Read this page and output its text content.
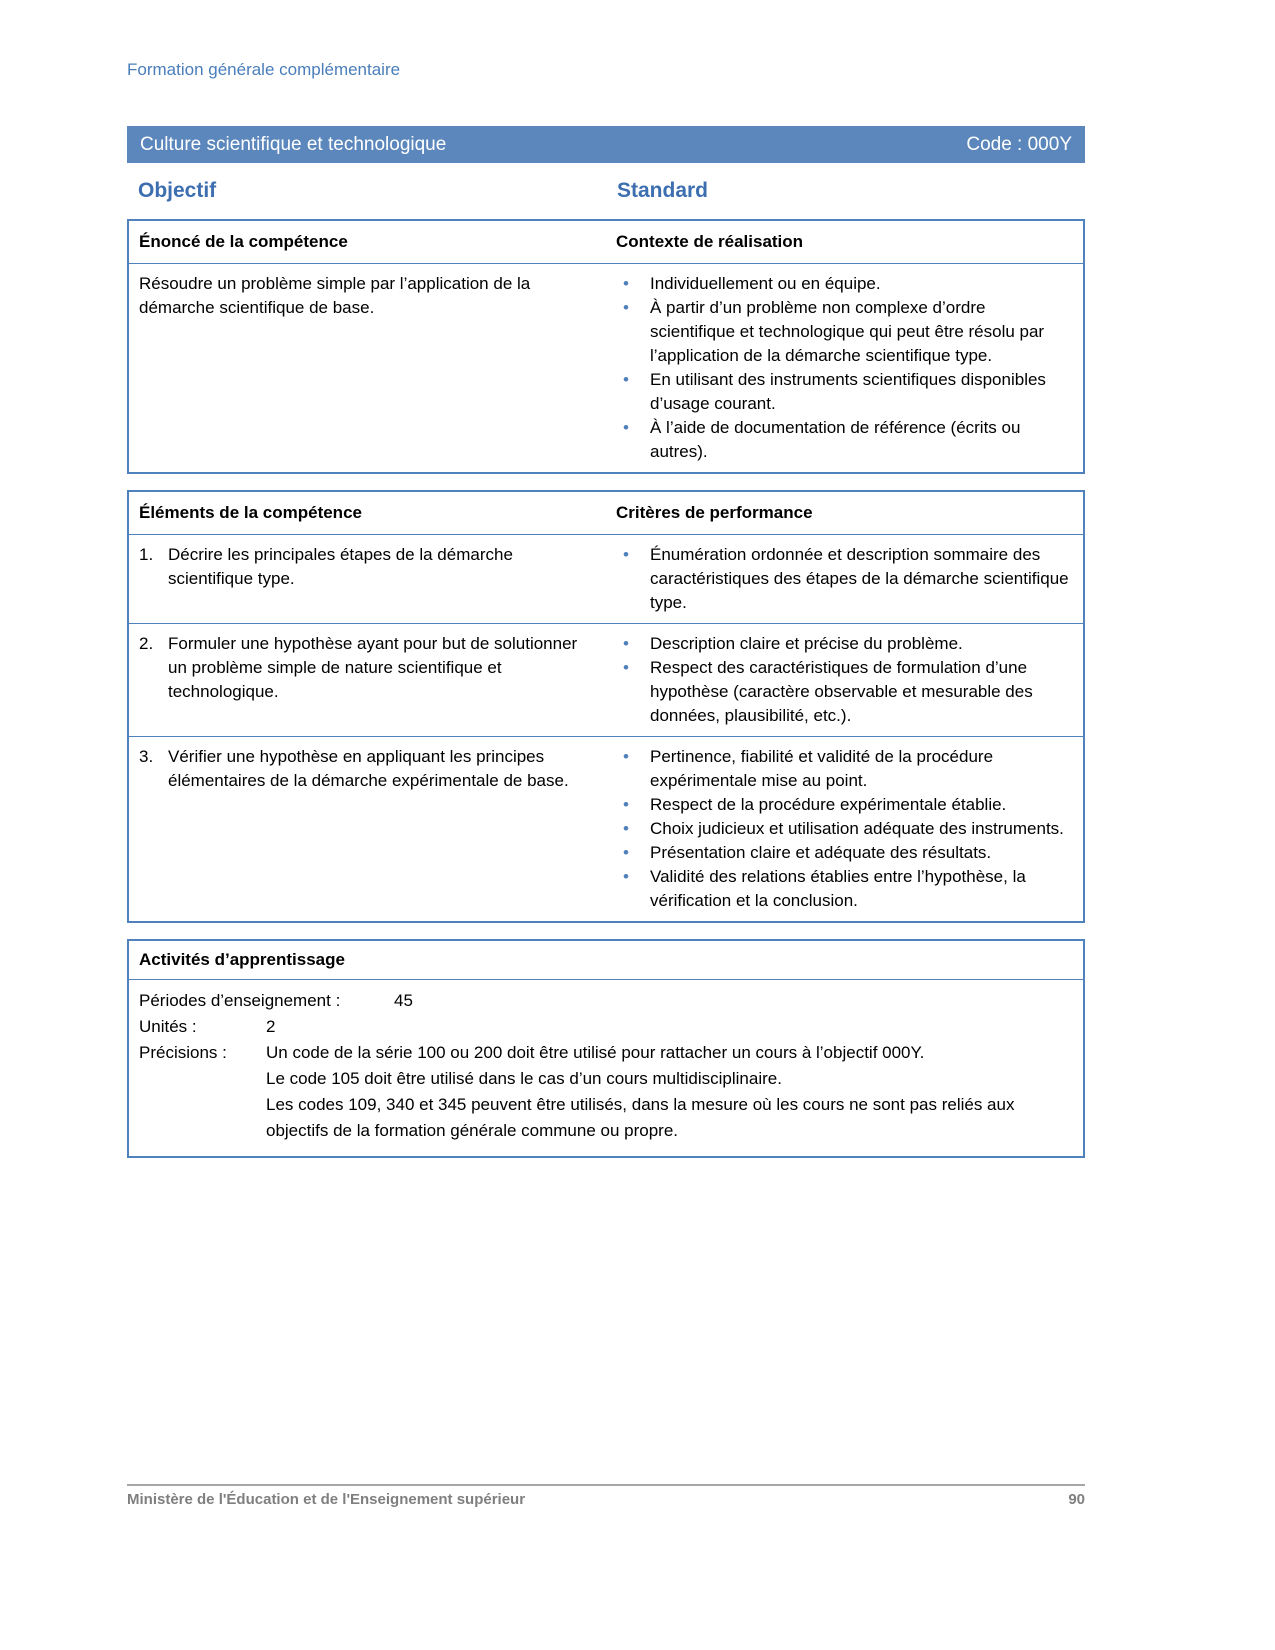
Formation générale complémentaire
Culture scientifique et technologique	Code : 000Y
Objectif	Standard
Énoncé de la compétence	Contexte de réalisation
Résoudre un problème simple par l’application de la démarche scientifique de base.
• Individuellement ou en équipe.
• À partir d’un problème non complexe d’ordre scientifique et technologique qui peut être résolu par l’application de la démarche scientifique type.
• En utilisant des instruments scientifiques disponibles d’usage courant.
• À l’aide de documentation de référence (écrits ou autres).
Éléments de la compétence	Critères de performance
1. Décrire les principales étapes de la démarche scientifique type.
• Énumération ordonnée et description sommaire des caractéristiques des étapes de la démarche scientifique type.
2. Formuler une hypothèse ayant pour but de solutionner un problème simple de nature scientifique et technologique.
• Description claire et précise du problème.
• Respect des caractéristiques de formulation d’une hypothèse (caractère observable et mesurable des données, plausibilité, etc.).
3. Vérifier une hypothèse en appliquant les principes élémentaires de la démarche expérimentale de base.
• Pertinence, fiabilité et validité de la procédure expérimentale mise au point.
• Respect de la procédure expérimentale établie.
• Choix judicieux et utilisation adéquate des instruments.
• Présentation claire et adéquate des résultats.
• Validité des relations établies entre l’hypothèse, la vérification et la conclusion.
Activités d’apprentissage
Périodes d’enseignement :	45
Unités :	2
Précisions :	Un code de la série 100 ou 200 doit être utilisé pour rattacher un cours à l’objectif 000Y.
Le code 105 doit être utilisé dans le cas d’un cours multidisciplinaire.
Les codes 109, 340 et 345 peuvent être utilisés, dans la mesure où les cours ne sont pas reliés aux objectifs de la formation générale commune ou propre.
Ministère de l'Éducation et de l'Enseignement supérieur	90
